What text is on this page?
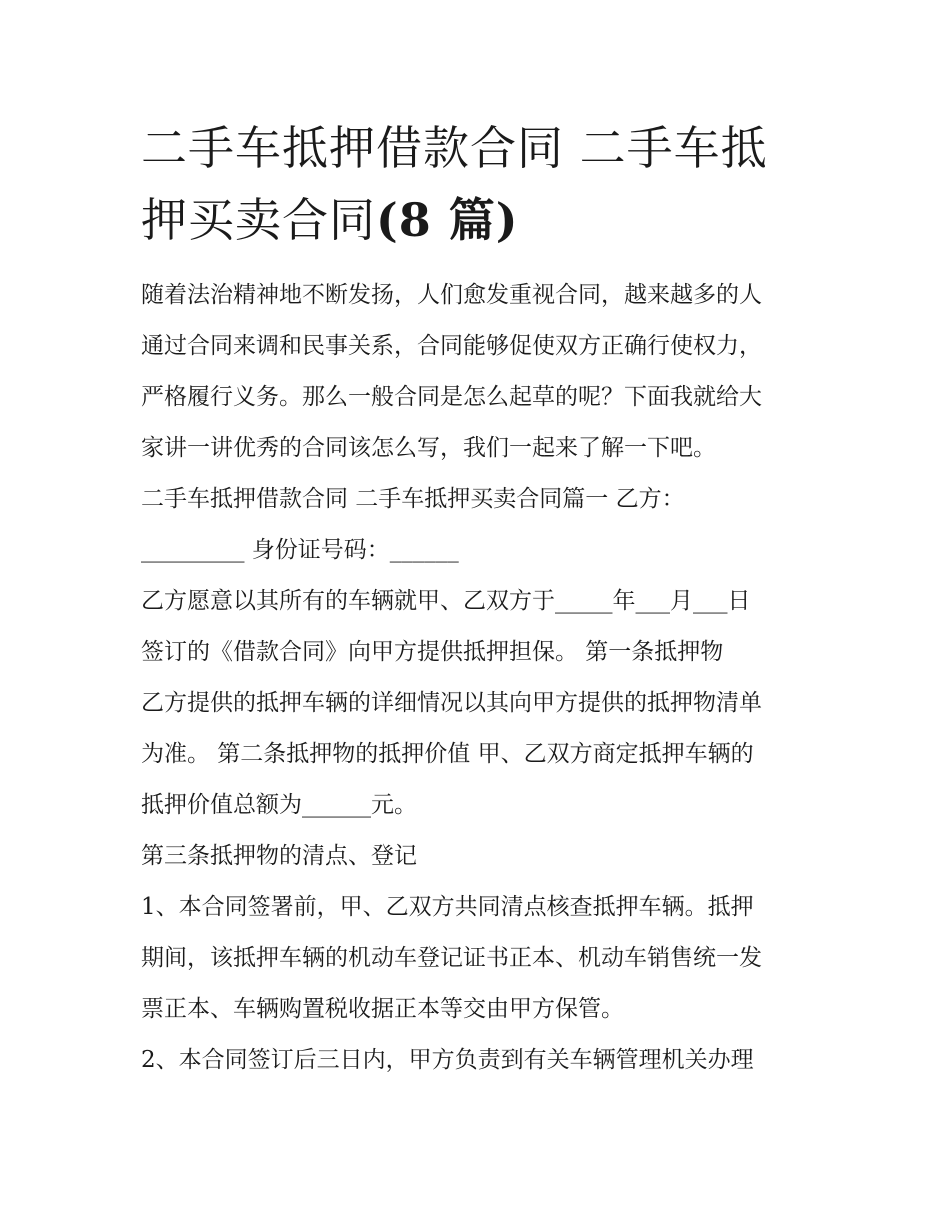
二手车抵押借款合同 二手车抵
押买卖合同(8 篇)
随着法治精神地不断发扬，人们愈发重视合同，越来越多的人
通过合同来调和民事关系，合同能够促使双方正确行使权力，
严格履行义务。那么一般合同是怎么起草的呢？下面我就给大
家讲一讲优秀的合同该怎么写，我们一起来了解一下吧。
二手车抵押借款合同 二手车抵押买卖合同篇一 乙方：
_________ 身份证号码：______
乙方愿意以其所有的车辆就甲、乙双方于_____年___月___日
签订的《借款合同》向甲方提供抵押担保。 第一条抵押物
乙方提供的抵押车辆的详细情况以其向甲方提供的抵押物清单
为准。 第二条抵押物的抵押价值 甲、乙双方商定抵押车辆的
抵押价值总额为______元。
第三条抵押物的清点、登记
1、本合同签署前，甲、乙双方共同清点核查抵押车辆。抵押
期间，该抵押车辆的机动车登记证书正本、机动车销售统一发
票正本、车辆购置税收据正本等交由甲方保管。
2、本合同签订后三日内，甲方负责到有关车辆管理机关办理
